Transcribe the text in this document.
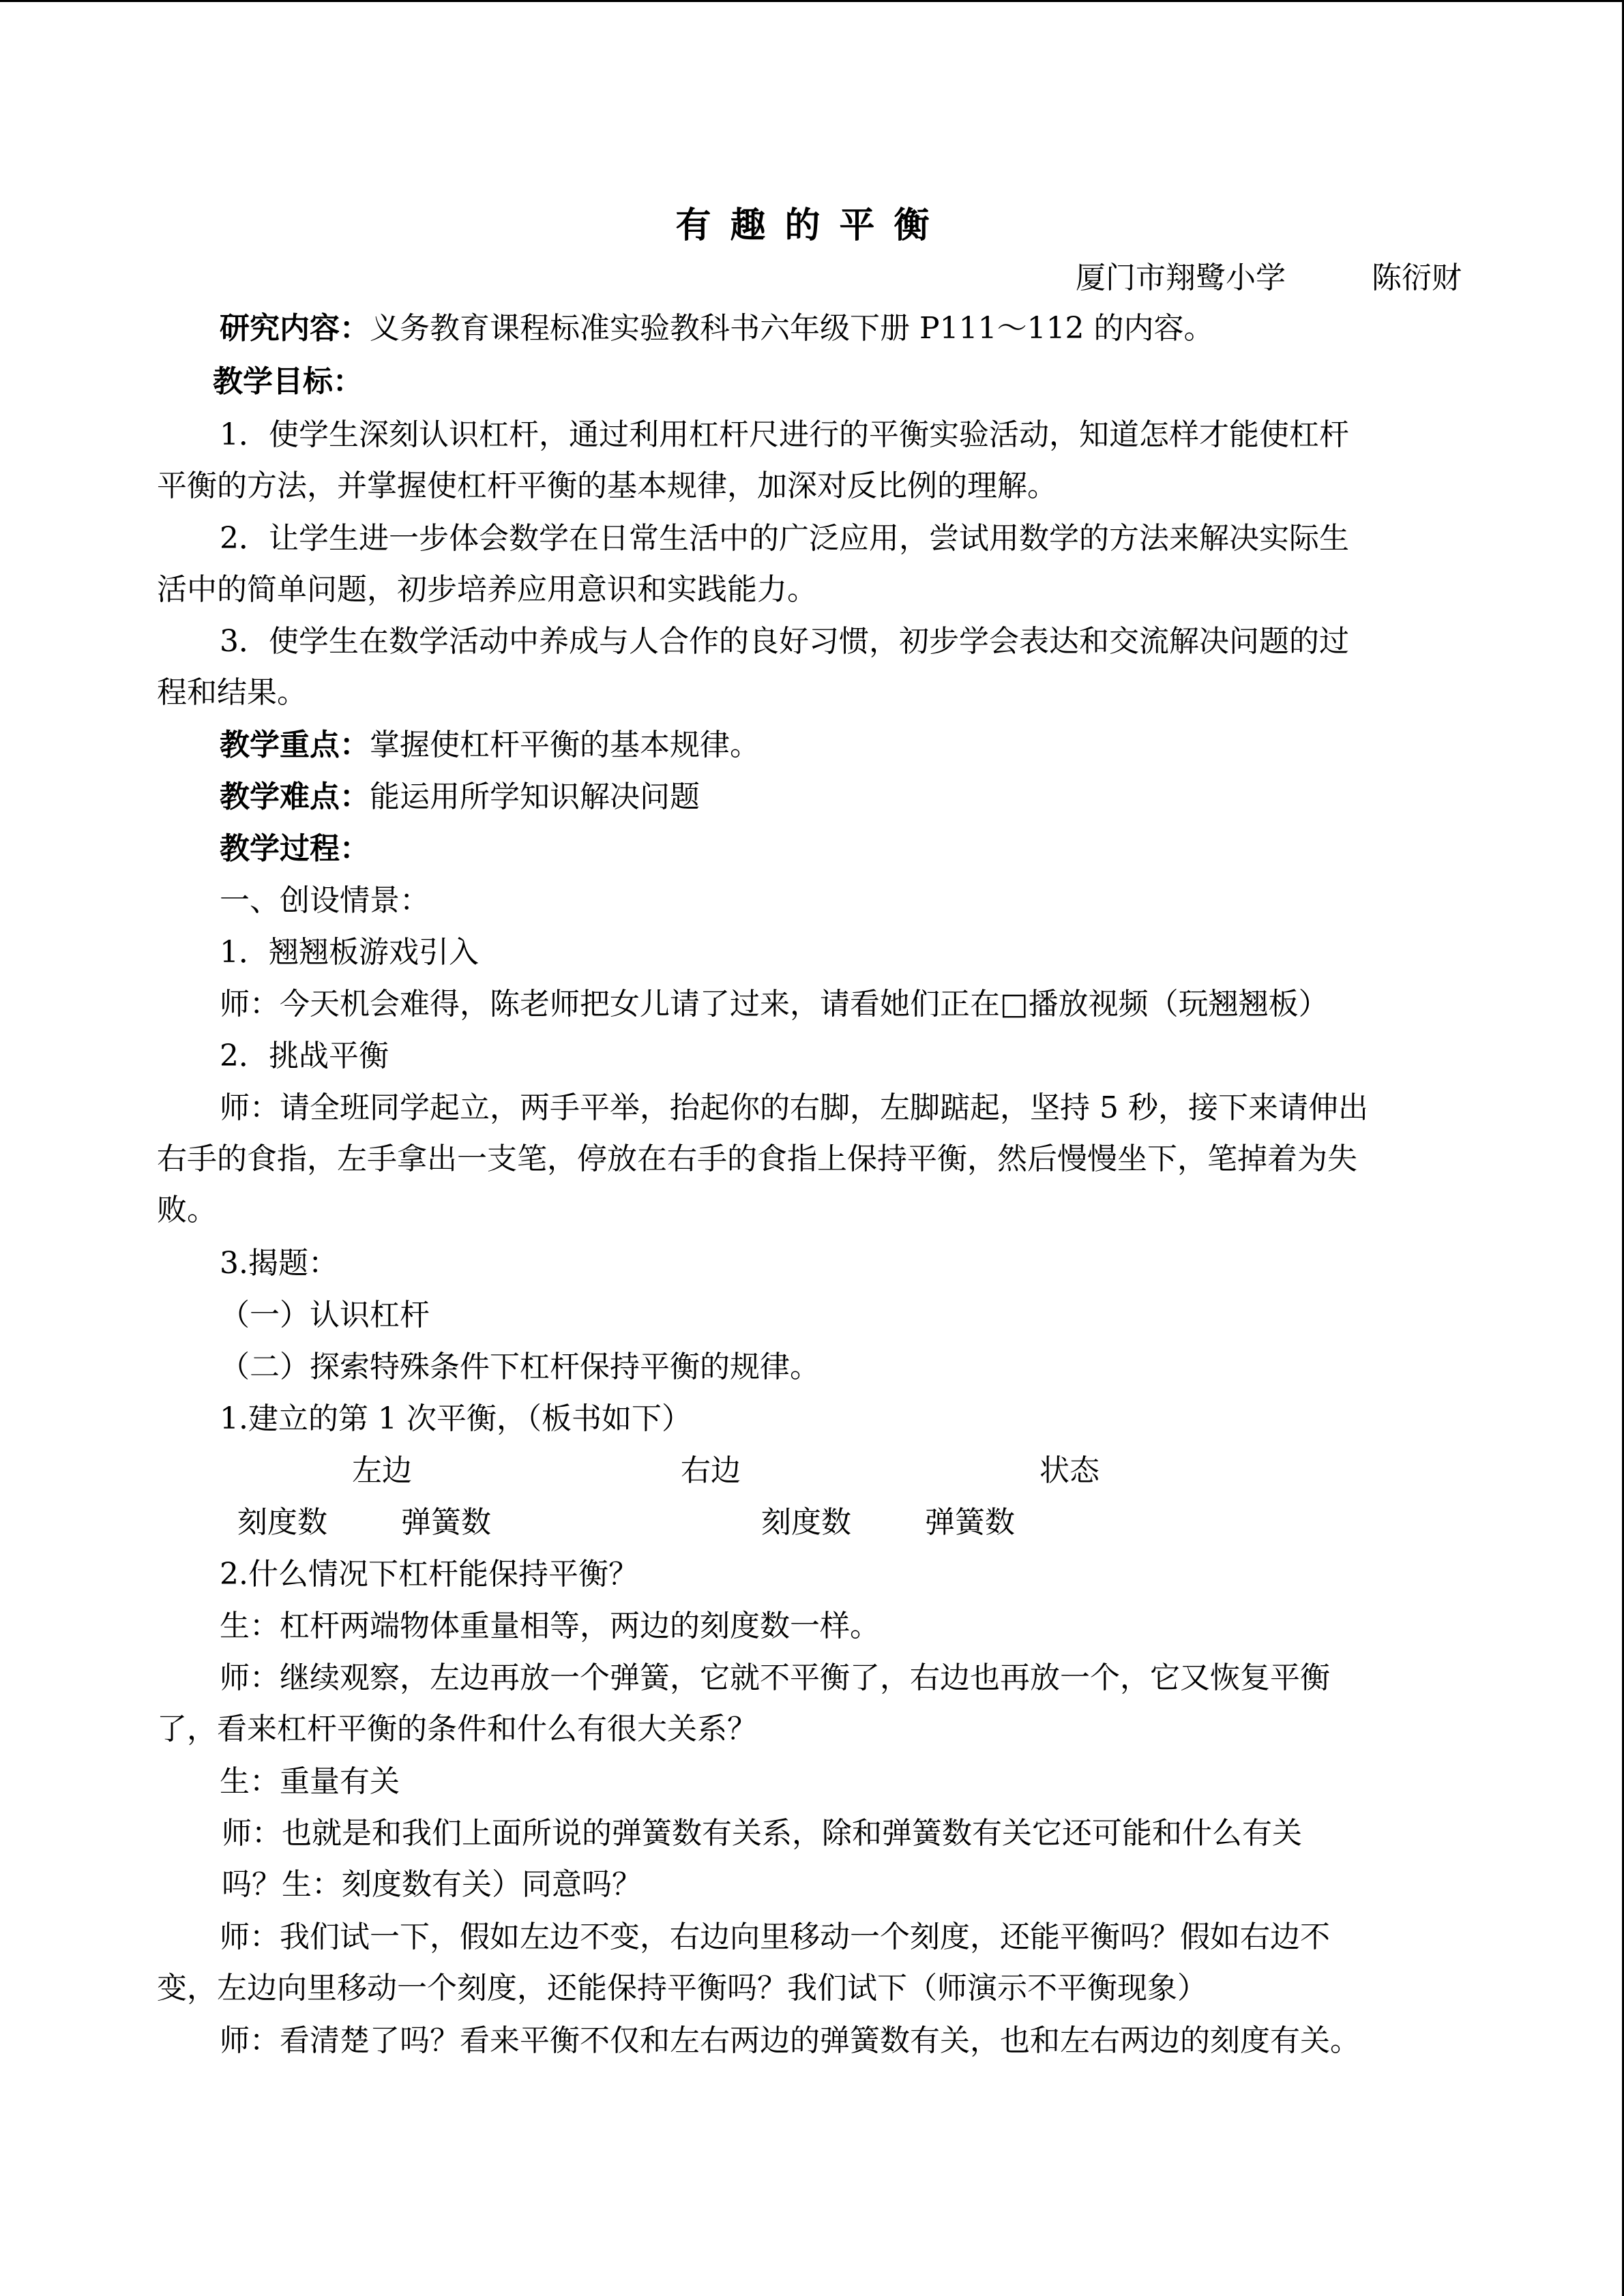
有趣的平衡
厦门市翔鹭小学	陈衍财
研究内容：义务教育课程标准实验教科书六年级下册 P111～112 的内容。
教学目标：
1．使学生深刻认识杠杆，通过利用杠杆尺进行的平衡实验活动，知道怎样才能使杠杆
平衡的方法，并掌握使杠杆平衡的基本规律，加深对反比例的理解。
2．让学生进一步体会数学在日常生活中的广泛应用，尝试用数学的方法来解决实际生
活中的简单问题，初步培养应用意识和实践能力。
3．使学生在数学活动中养成与人合作的良好习惯，初步学会表达和交流解决问题的过
程和结果。
教学重点：掌握使杠杆平衡的基本规律。
教学难点：能运用所学知识解决问题
教学过程：
一、创设情景：
1．翘翘板游戏引入
师：今天机会难得，陈老师把女儿请了过来，请看她们正在□播放视频（玩翘翘板）
2．挑战平衡
师：请全班同学起立，两手平举，抬起你的右脚，左脚踮起，坚持 5 秒，接下来请伸出
右手的食指，左手拿出一支笔，停放在右手的食指上保持平衡，然后慢慢坐下，笔掉着为失
败。
3.揭题：
（一）认识杠杆
（二）探索特殊条件下杠杆保持平衡的规律。
1.建立的第 1 次平衡，（板书如下）
左边	右边	状态
刻度数 弹簧数	刻度数 弹簧数
2.什么情况下杠杆能保持平衡？
生：杠杆两端物体重量相等，两边的刻度数一样。
师：继续观察，左边再放一个弹簧，它就不平衡了，右边也再放一个，它又恢复平衡
了，看来杠杆平衡的条件和什么有很大关系？
生：重量有关
师：也就是和我们上面所说的弹簧数有关系，除和弹簧数有关它还可能和什么有关
吗？生：刻度数有关）同意吗？
师：我们试一下，假如左边不变，右边向里移动一个刻度，还能平衡吗？假如右边不
变，左边向里移动一个刻度，还能保持平衡吗？我们试下（师演示不平衡现象）
师：看清楚了吗？看来平衡不仅和左右两边的弹簧数有关，也和左右两边的刻度有关。
